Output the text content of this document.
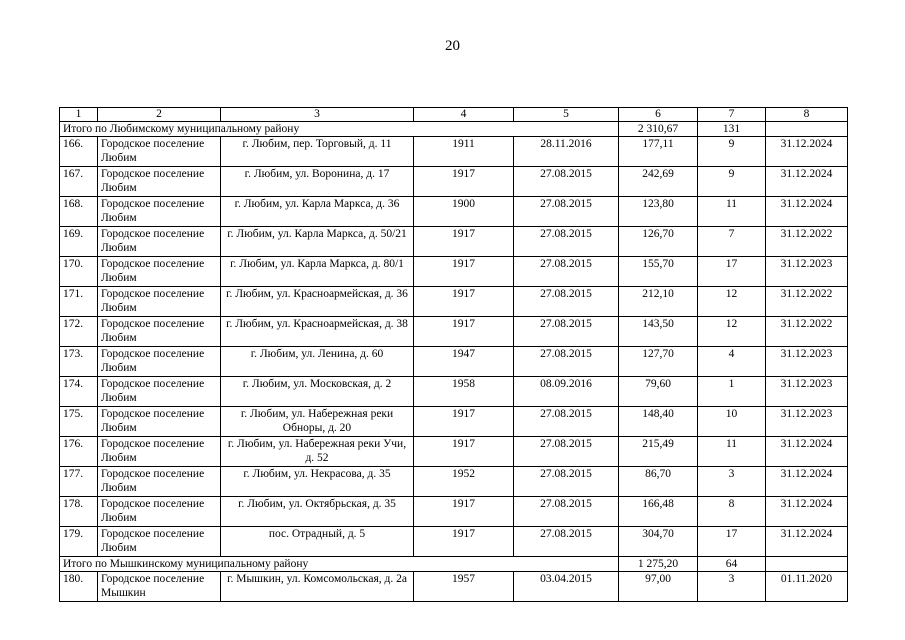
20
1	2	3	4	5	6	7	8
Итого по Любимскому муниципальному району					2 310,67	131	
166.	Городское поселение Любим	г. Любим, пер. Торговый, д. 11	1911	28.11.2016	177,11	9	31.12.2024
167.	Городское поселение Любим	г. Любим, ул. Воронина, д. 17	1917	27.08.2015	242,69	9	31.12.2024
168.	Городское поселение Любим	г. Любим, ул. Карла Маркса, д. 36	1900	27.08.2015	123,80	11	31.12.2024
169.	Городское поселение Любим	г. Любим, ул. Карла Маркса, д. 50/21	1917	27.08.2015	126,70	7	31.12.2022
170.	Городское поселение Любим	г. Любим, ул. Карла Маркса, д. 80/1	1917	27.08.2015	155,70	17	31.12.2023
171.	Городское поселение Любим	г. Любим, ул. Красноармейская, д. 36	1917	27.08.2015	212,10	12	31.12.2022
172.	Городское поселение Любим	г. Любим, ул. Красноармейская, д. 38	1917	27.08.2015	143,50	12	31.12.2022
173.	Городское поселение Любим	г. Любим, ул. Ленина, д. 60	1947	27.08.2015	127,70	4	31.12.2023
174.	Городское поселение Любим	г. Любим, ул. Московская, д. 2	1958	08.09.2016	79,60	1	31.12.2023
175.	Городское поселение Любим	г. Любим, ул. Набережная реки Обноры, д. 20	1917	27.08.2015	148,40	10	31.12.2023
176.	Городское поселение Любим	г. Любим, ул. Набережная реки Учи, д. 52	1917	27.08.2015	215,49	11	31.12.2024
177.	Городское поселение Любим	г. Любим, ул. Некрасова, д. 35	1952	27.08.2015	86,70	3	31.12.2024
178.	Городское поселение Любим	г. Любим, ул. Октябрьская, д. 35	1917	27.08.2015	166,48	8	31.12.2024
179.	Городское поселение Любим	пос. Отрадный, д. 5	1917	27.08.2015	304,70	17	31.12.2024
Итого по Мышкинскому муниципальному району					1 275,20	64	
180.	Городское поселение Мышкин	г. Мышкин, ул. Комсомольская, д. 2а	1957	03.04.2015	97,00	3	01.11.2020
